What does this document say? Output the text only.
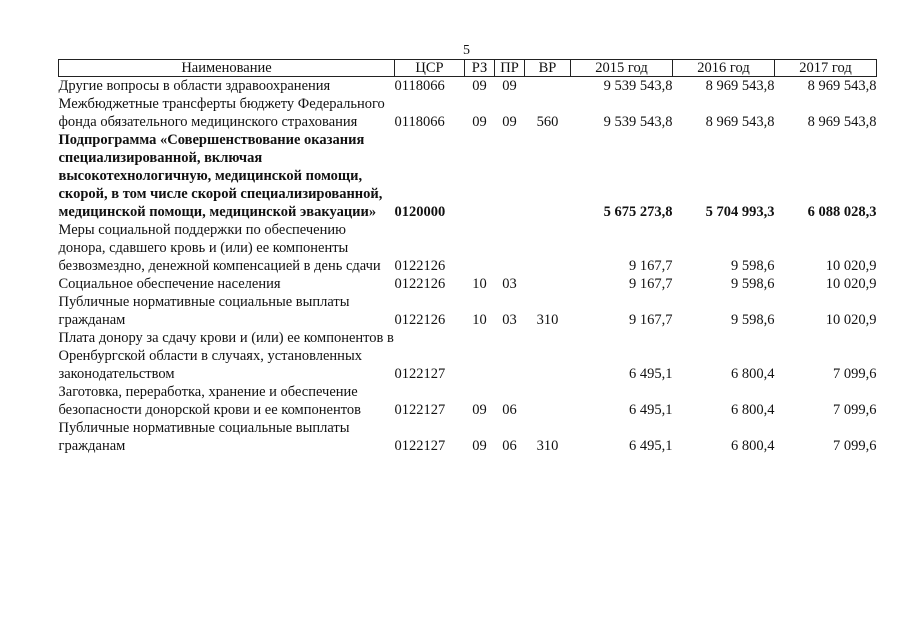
5
Наименование	ЦСР	РЗ	ПР	ВР	2015 год	2016 год	2017 год
Другие вопросы в области здравоохранения	0118066	09	09		9 539 543,8	8 969 543,8	8 969 543,8
Межбюджетные трансферты бюджету Федерального фонда обязательного медицинского страхования	0118066	09	09	560	9 539 543,8	8 969 543,8	8 969 543,8
Подпрограмма «Совершенствование оказания специализированной, включая высокотехнологичную, медицинской помощи, скорой, в том числе скорой специализированной, медицинской помощи, медицинской эвакуации»	0120000				5 675 273,8	5 704 993,3	6 088 028,3
Меры социальной поддержки по обеспечению донора, сдавшего кровь и (или) ее компоненты безвозмездно, денежной компенсацией в день сдачи	0122126				9 167,7	9 598,6	10 020,9
Социальное обеспечение населения	0122126	10	03		9 167,7	9 598,6	10 020,9
Публичные нормативные социальные выплаты гражданам	0122126	10	03	310	9 167,7	9 598,6	10 020,9
Плата донору за сдачу крови и (или) ее компонентов в Оренбургской области в случаях, установленных законодательством	0122127				6 495,1	6 800,4	7 099,6
Заготовка, переработка, хранение и обеспечение безопасности донорской крови и ее компонентов	0122127	09	06		6 495,1	6 800,4	7 099,6
Публичные нормативные социальные выплаты гражданам	0122127	09	06	310	6 495,1	6 800,4	7 099,6
